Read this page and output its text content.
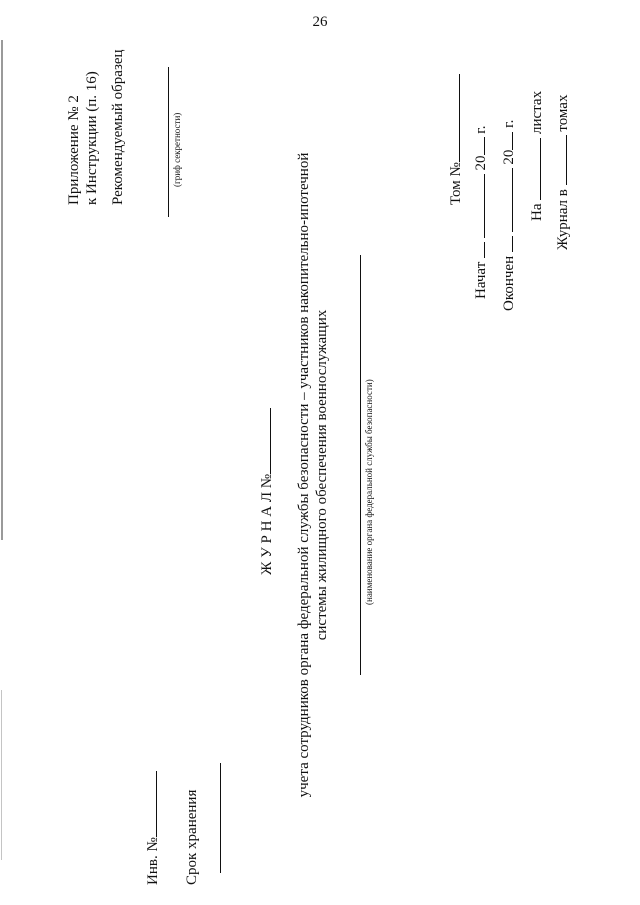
26
Приложение № 2 к Инструкции (п. 16) Рекомендуемый образец	(гриф секретности)
Ж У Р Н А Л № учета сотрудников органа федеральной службы безопасности – участников накопительно-ипотечной системы жилищного обеспечения военнослужащих	(наименование органа федеральной службы безопасности)
Том №
Начат   20 г.
Окончен   20 г.
На  листах
Журнал в  томах
Инв. № Срок хранения
